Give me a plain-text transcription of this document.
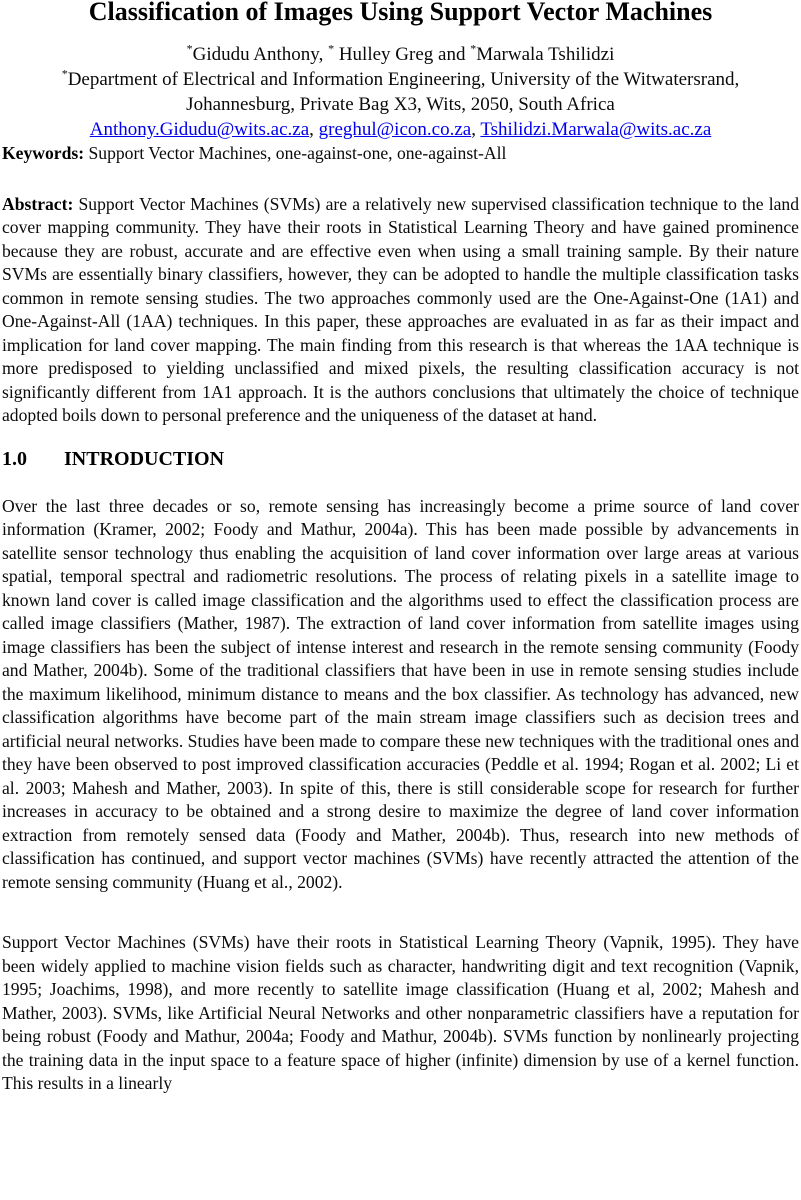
Classification of Images Using Support Vector Machines
*Gidudu Anthony, * Hulley Greg and *Marwala Tshilidzi
*Department of Electrical and Information Engineering, University of the Witwatersrand,
Johannesburg, Private Bag X3, Wits, 2050, South Africa
Anthony.Gidudu@wits.ac.za, greghul@icon.co.za, Tshilidzi.Marwala@wits.ac.za

Keywords: Support Vector Machines, one-against-one, one-against-All

Abstract: Support Vector Machines (SVMs) are a relatively new supervised classification technique to the land cover mapping community. They have their roots in Statistical Learning Theory and have gained prominence because they are robust, accurate and are effective even when using a small training sample. By their nature SVMs are essentially binary classifiers, however, they can be adopted to handle the multiple classification tasks common in remote sensing studies. The two approaches commonly used are the One-Against-One (1A1) and One-Against-All (1AA) techniques. In this paper, these approaches are evaluated in as far as their impact and implication for land cover mapping. The main finding from this research is that whereas the 1AA technique is more predisposed to yielding unclassified and mixed pixels, the resulting classification accuracy is not significantly different from 1A1 approach. It is the authors conclusions that ultimately the choice of technique adopted boils down to personal preference and the uniqueness of the dataset at hand.

1.0 INTRODUCTION

Over the last three decades or so, remote sensing has increasingly become a prime source of land cover information (Kramer, 2002; Foody and Mathur, 2004a). This has been made possible by advancements in satellite sensor technology thus enabling the acquisition of land cover information over large areas at various spatial, temporal spectral and radiometric resolutions. The process of relating pixels in a satellite image to known land cover is called image classification and the algorithms used to effect the classification process are called image classifiers (Mather, 1987). The extraction of land cover information from satellite images using image classifiers has been the subject of intense interest and research in the remote sensing community (Foody and Mather, 2004b). Some of the traditional classifiers that have been in use in remote sensing studies include the maximum likelihood, minimum distance to means and the box classifier. As technology has advanced, new classification algorithms have become part of the main stream image classifiers such as decision trees and artificial neural networks. Studies have been made to compare these new techniques with the traditional ones and they have been observed to post improved classification accuracies (Peddle et al. 1994; Rogan et al. 2002; Li et al. 2003; Mahesh and Mather, 2003). In spite of this, there is still considerable scope for research for further increases in accuracy to be obtained and a strong desire to maximize the degree of land cover information extraction from remotely sensed data (Foody and Mather, 2004b). Thus, research into new methods of classification has continued, and support vector machines (SVMs) have recently attracted the attention of the remote sensing community (Huang et al., 2002).

Support Vector Machines (SVMs) have their roots in Statistical Learning Theory (Vapnik, 1995). They have been widely applied to machine vision fields such as character, handwriting digit and text recognition (Vapnik, 1995; Joachims, 1998), and more recently to satellite image classification (Huang et al, 2002; Mahesh and Mather, 2003). SVMs, like Artificial Neural Networks and other nonparametric classifiers have a reputation for being robust (Foody and Mathur, 2004a; Foody and Mathur, 2004b). SVMs function by nonlinearly projecting the training data in the input space to a feature space of higher (infinite) dimension by use of a kernel function. This results in a linearly
